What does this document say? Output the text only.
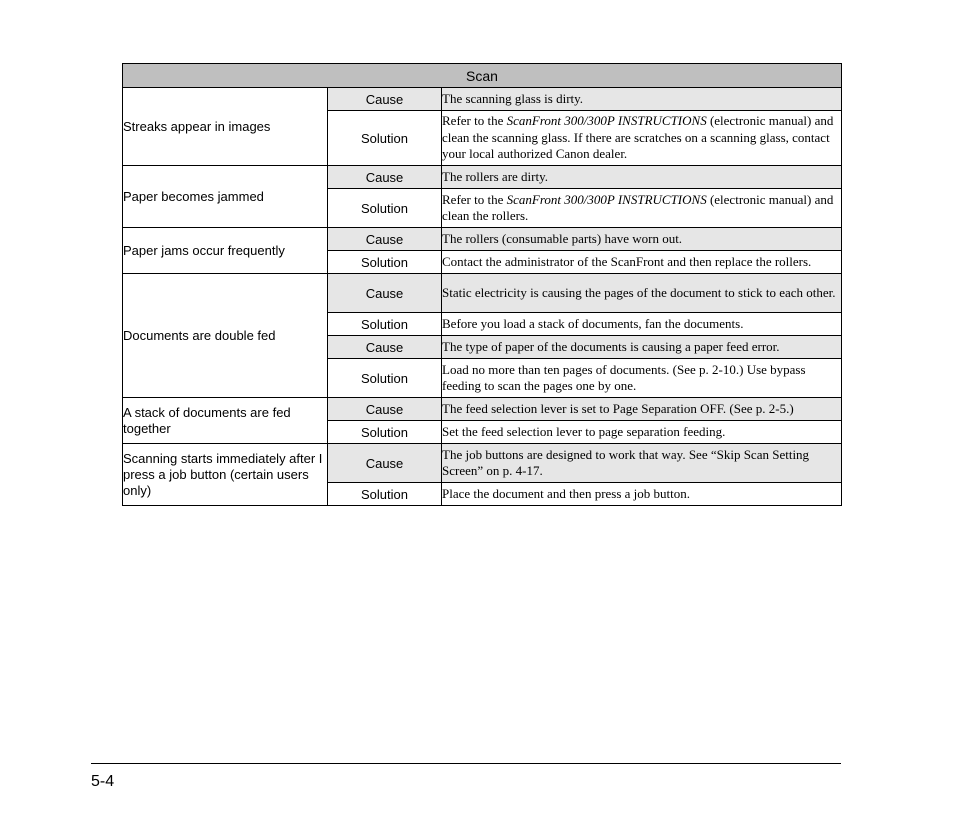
Scan		
Streaks appear in images	Cause	The scanning glass is dirty.
	Solution	Refer to the ScanFront 300/300P INSTRUCTIONS (electronic manual) and clean the scanning glass. If there are scratches on a scanning glass, contact your local authorized Canon dealer.
Paper becomes jammed	Cause	The rollers are dirty.
	Solution	Refer to the ScanFront 300/300P INSTRUCTIONS (electronic manual) and clean the rollers.
Paper jams occur frequently	Cause	The rollers (consumable parts) have worn out.
	Solution	Contact the administrator of the ScanFront and then replace the rollers.
Documents are double fed	Cause	Static electricity is causing the pages of the document to stick to each other.
	Solution	Before you load a stack of documents, fan the documents.
	Cause	The type of paper of the documents is causing a paper feed error.
	Solution	Load no more than ten pages of documents. (See p. 2-10.) Use bypass feeding to scan the pages one by one.
A stack of documents are fed together	Cause	The feed selection lever is set to Page Separation OFF. (See p. 2-5.)
	Solution	Set the feed selection lever to page separation feeding.
Scanning starts immediately after I press a job button (certain users only)	Cause	The job buttons are designed to work that way. See “Skip Scan Setting Screen” on p. 4-17.
	Solution	Place the document and then press a job button.
5-4
